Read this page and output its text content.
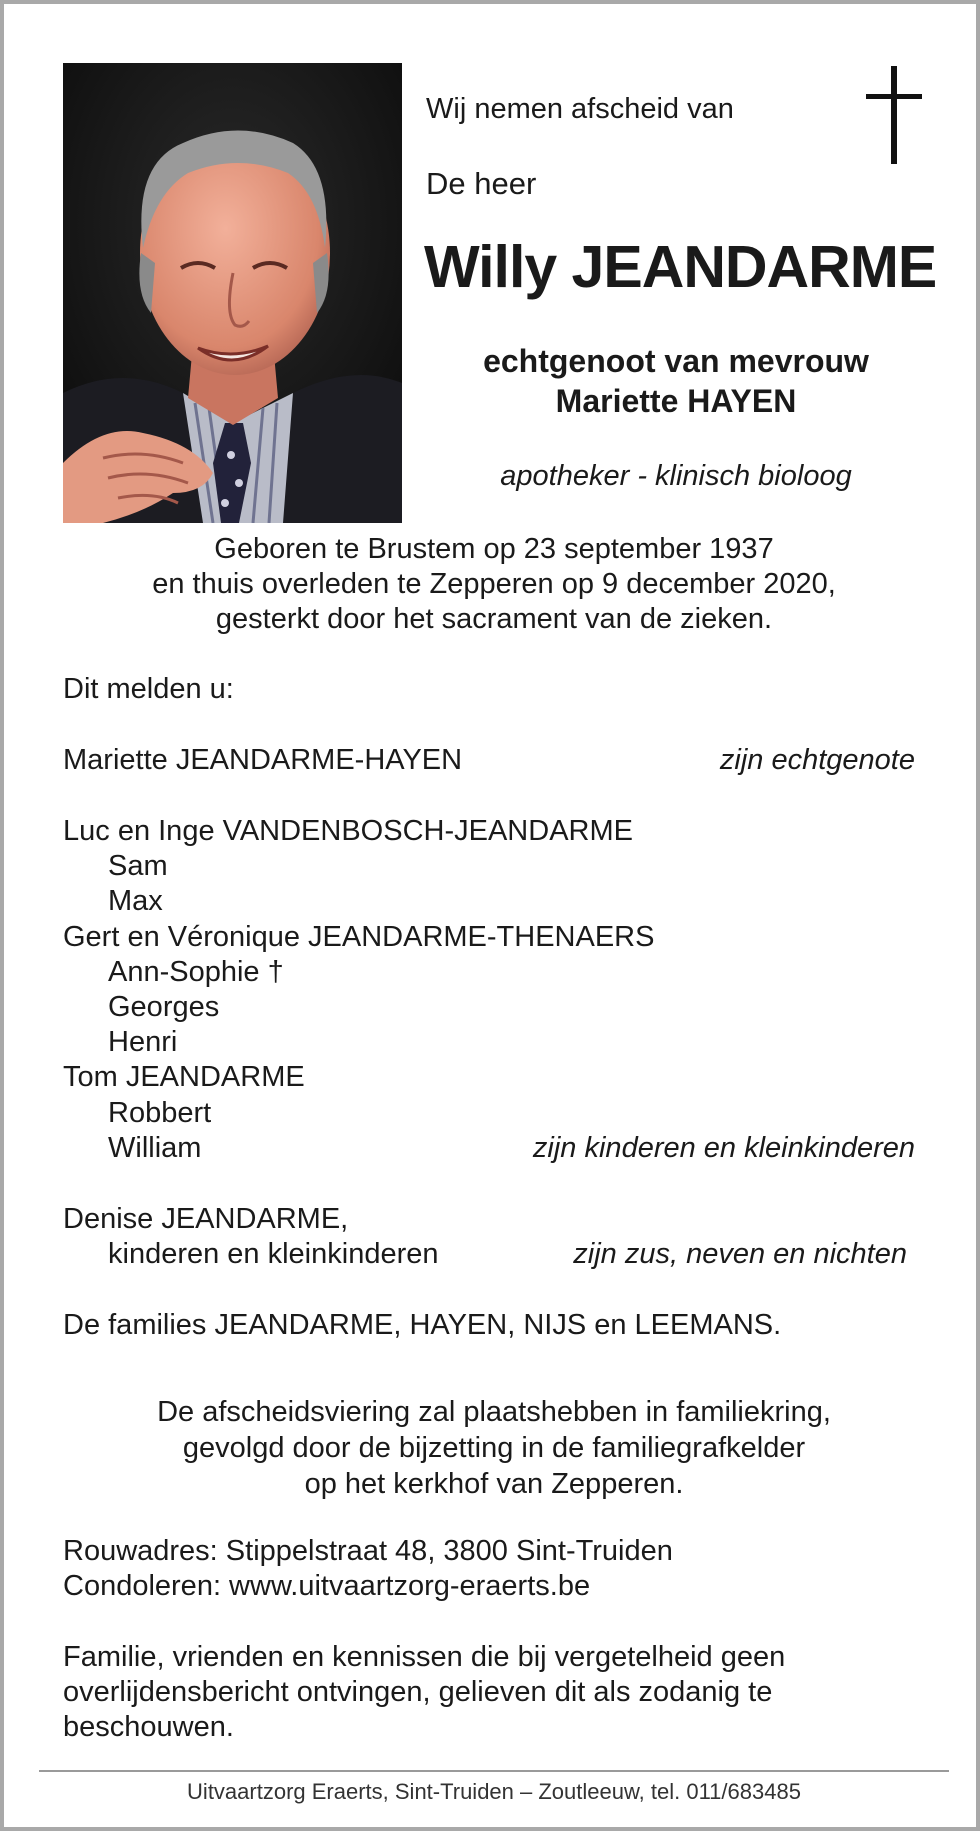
Wij nemen afscheid van
De heer
Willy JEANDARME
echtgenoot van mevrouw
Mariette HAYEN
apotheker - klinisch bioloog
Geboren te Brustem op 23 september 1937
en thuis overleden te Zepperen op 9 december 2020,
gesterkt door het sacrament van de zieken.
Dit melden u:
Mariette JEANDARME-HAYEN	zijn echtgenote
Luc en Inge VANDENBOSCH-JEANDARME
Sam
Max
Gert en Véronique JEANDARME-THENAERS
Ann-Sophie †
Georges
Henri
Tom JEANDARME
Robbert
William	zijn kinderen en kleinkinderen
Denise JEANDARME,
kinderen en kleinkinderen	zijn zus, neven en nichten
De families JEANDARME, HAYEN, NIJS en LEEMANS.
De afscheidsviering zal plaatshebben in familiekring,
gevolgd door de bijzetting in de familiegrafkelder
op het kerkhof van Zepperen.
Rouwadres: Stippelstraat 48, 3800 Sint-Truiden
Condoleren: www.uitvaartzorg-eraerts.be
Familie, vrienden en kennissen die bij vergetelheid geen
overlijdensbericht ontvingen, gelieven dit als zodanig te
beschouwen.
Uitvaartzorg Eraerts, Sint-Truiden – Zoutleeuw, tel. 011/683485
